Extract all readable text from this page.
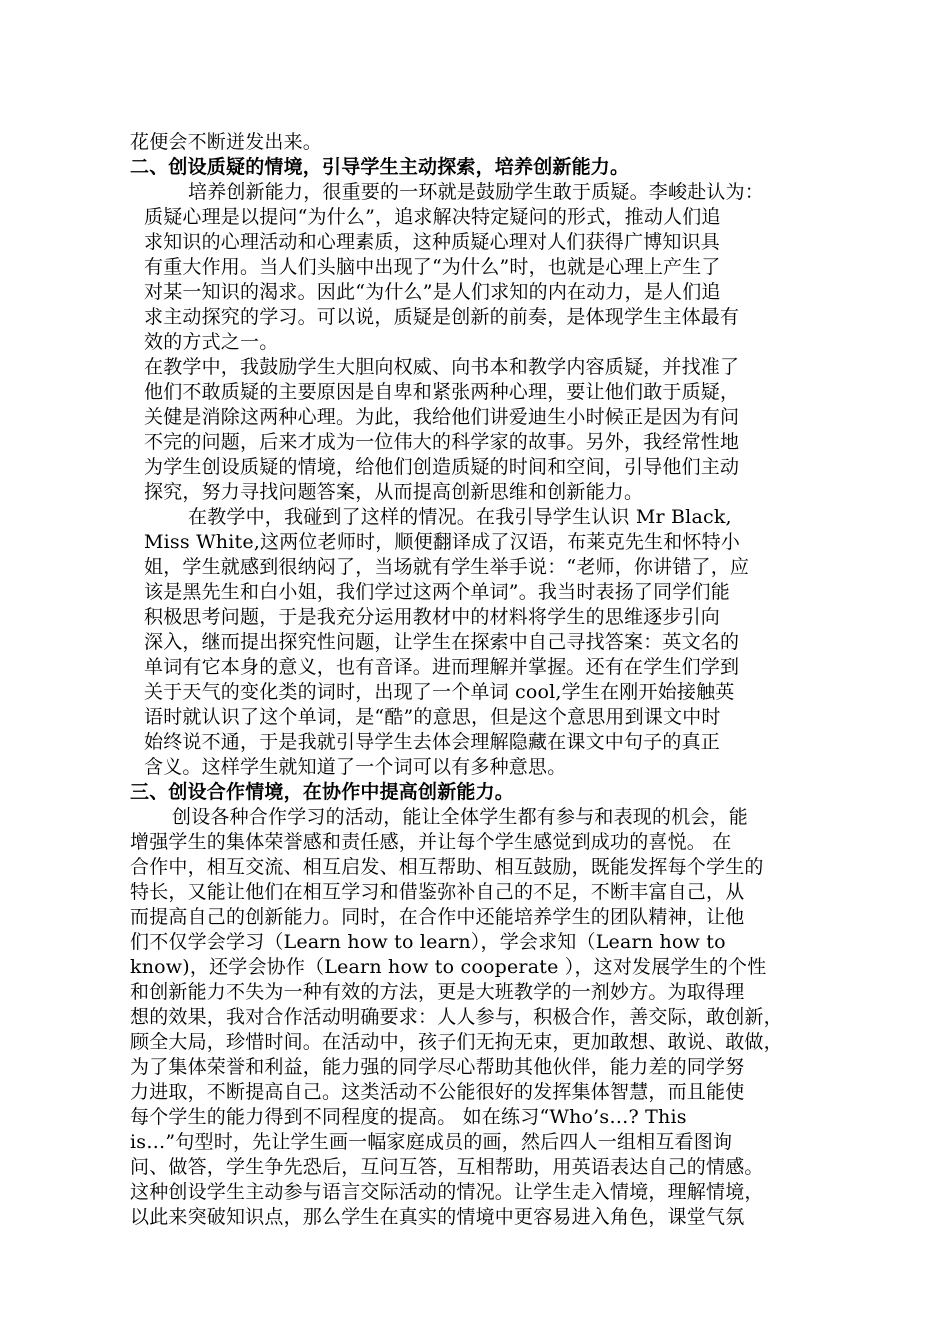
花便会不断迸发出来。
二、创设质疑的情境，引导学生主动探索，培养创新能力。
培养创新能力，很重要的一环就是鼓励学生敢于质疑。李峻赴认为：
质疑心理是以提问“为什么”，追求解决特定疑问的形式，推动人们追
求知识的心理活动和心理素质，这种质疑心理对人们获得广博知识具
有重大作用。当人们头脑中出现了“为什么”时，也就是心理上产生了
对某一知识的渴求。因此“为什么”是人们求知的内在动力，是人们追
求主动探究的学习。可以说，质疑是创新的前奏，是体现学生主体最有
效的方式之一。
在教学中，我鼓励学生大胆向权威、向书本和教学内容质疑，并找准了
他们不敢质疑的主要原因是自卑和紧张两种心理，要让他们敢于质疑，
关健是消除这两种心理。为此，我给他们讲爱迪生小时候正是因为有问
不完的问题，后来才成为一位伟大的科学家的故事。另外，我经常性地
为学生创设质疑的情境，给他们创造质疑的时间和空间，引导他们主动
探究，努力寻找问题答案，从而提高创新思维和创新能力。
在教学中，我碰到了这样的情况。在我引导学生认识 Mr Black,
Miss White,这两位老师时，顺便翻译成了汉语，布莱克先生和怀特小
姐，学生就感到很纳闷了，当场就有学生举手说：“老师，你讲错了，应
该是黑先生和白小姐，我们学过这两个单词”。我当时表扬了同学们能
积极思考问题，于是我充分运用教材中的材料将学生的思维逐步引向
深入，继而提出探究性问题，让学生在探索中自己寻找答案：英文名的
单词有它本身的意义，也有音译。进而理解并掌握。还有在学生们学到
关于天气的变化类的词时，出现了一个单词 cool,学生在刚开始接触英
语时就认识了这个单词，是“酷”的意思，但是这个意思用到课文中时
始终说不通，于是我就引导学生去体会理解隐藏在课文中句子的真正
含义。这样学生就知道了一个词可以有多种意思。
三、创设合作情境，在协作中提高创新能力。
创设各种合作学习的活动，能让全体学生都有参与和表现的机会，能
增强学生的集体荣誉感和责任感，并让每个学生感觉到成功的喜悦。 在
合作中，相互交流、相互启发、相互帮助、相互鼓励，既能发挥每个学生的
特长，又能让他们在相互学习和借鉴弥补自己的不足，不断丰富自己，从
而提高自己的创新能力。同时，在合作中还能培养学生的团队精神，让他
们不仅学会学习（Learn how to learn），学会求知（Learn how to
know)，还学会协作（Learn how to cooperate ），这对发展学生的个性
和创新能力不失为一种有效的方法，更是大班教学的一剂妙方。为取得理
想的效果，我对合作活动明确要求：人人参与，积极合作，善交际，敢创新，
顾全大局，珍惜时间。在活动中，孩子们无拘无束，更加敢想、敢说、敢做，
为了集体荣誉和利益，能力强的同学尽心帮助其他伙伴，能力差的同学努
力进取，不断提高自己。这类活动不公能很好的发挥集体智慧，而且能使
每个学生的能力得到不同程度的提高。 如在练习“Who’s…? This
is…”句型时，先让学生画一幅家庭成员的画，然后四人一组相互看图询
问、做答，学生争先恐后，互问互答，互相帮助，用英语表达自己的情感。
这种创设学生主动参与语言交际活动的情况。让学生走入情境，理解情境，
以此来突破知识点，那么学生在真实的情境中更容易进入角色，课堂气氛
